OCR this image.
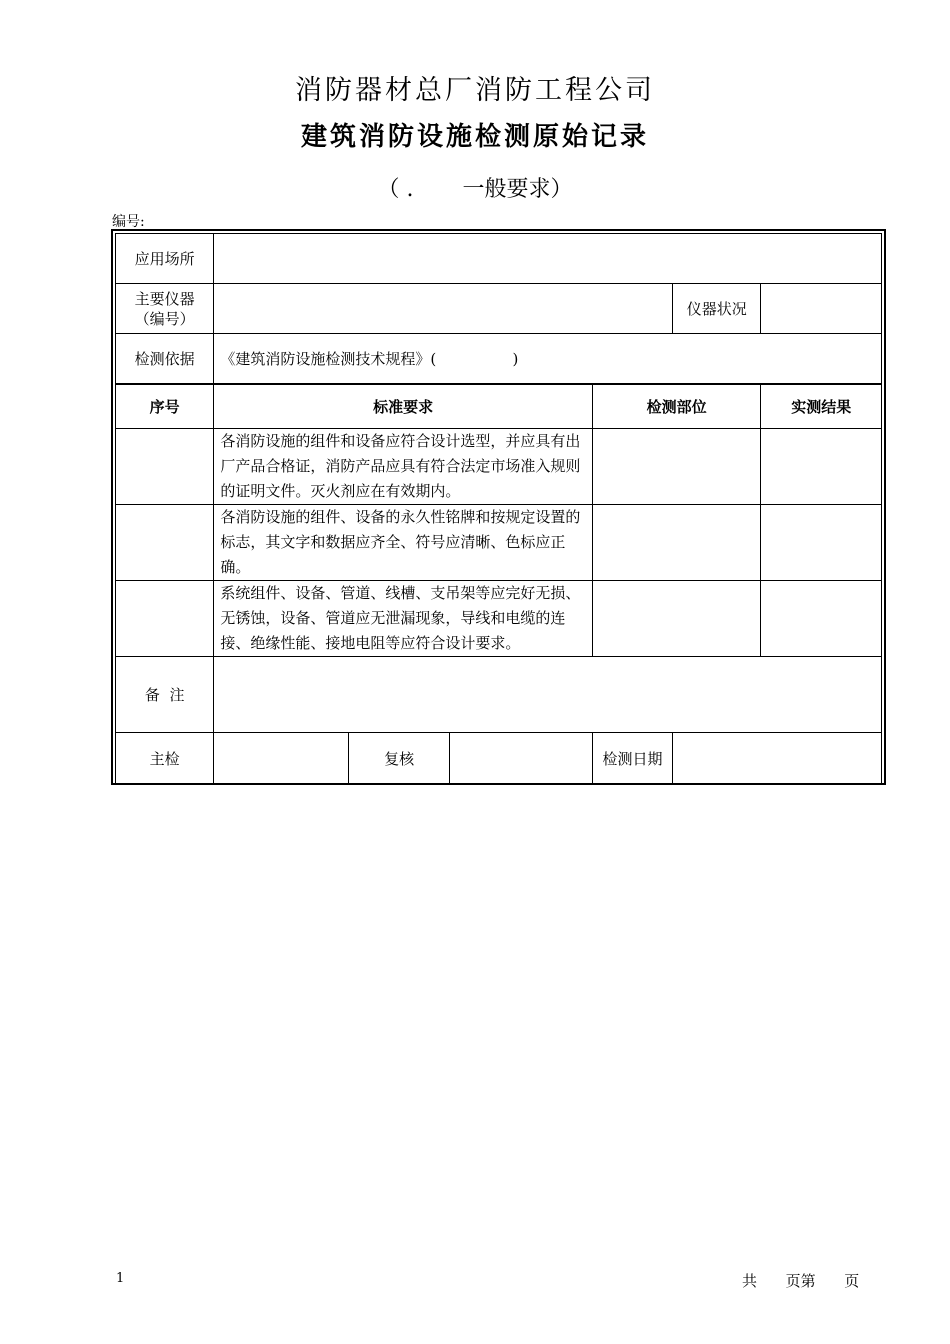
消防器材总厂消防工程公司
建筑消防设施检测原始记录
（ .       一般要求）
编号:
应用场所						

主要仪器
（编号）					仪器状况	
检测依据	《建筑消防设施检测技术规程》(                )					
序号	标准要求			检测部位		实测结果
	各消防设施的组件和设备应符合设计选型，并应具有出厂产品合格证，消防产品应具有符合法定市场准入规则的证明文件。灭火剂应在有效期内。					
	各消防设施的组件、设备的永久性铭牌和按规定设置的标志，其文字和数据应齐全、符号应清晰、色标应正确。					
	系统组件、设备、管道、线槽、支吊架等应完好无损、无锈蚀，设备、管道应无泄漏现象，导线和电缆的连接、绝缘性能、接地电阻等应符合设计要求。					
备  注						
主检		复核		检测日期		
1	共      页第      页
